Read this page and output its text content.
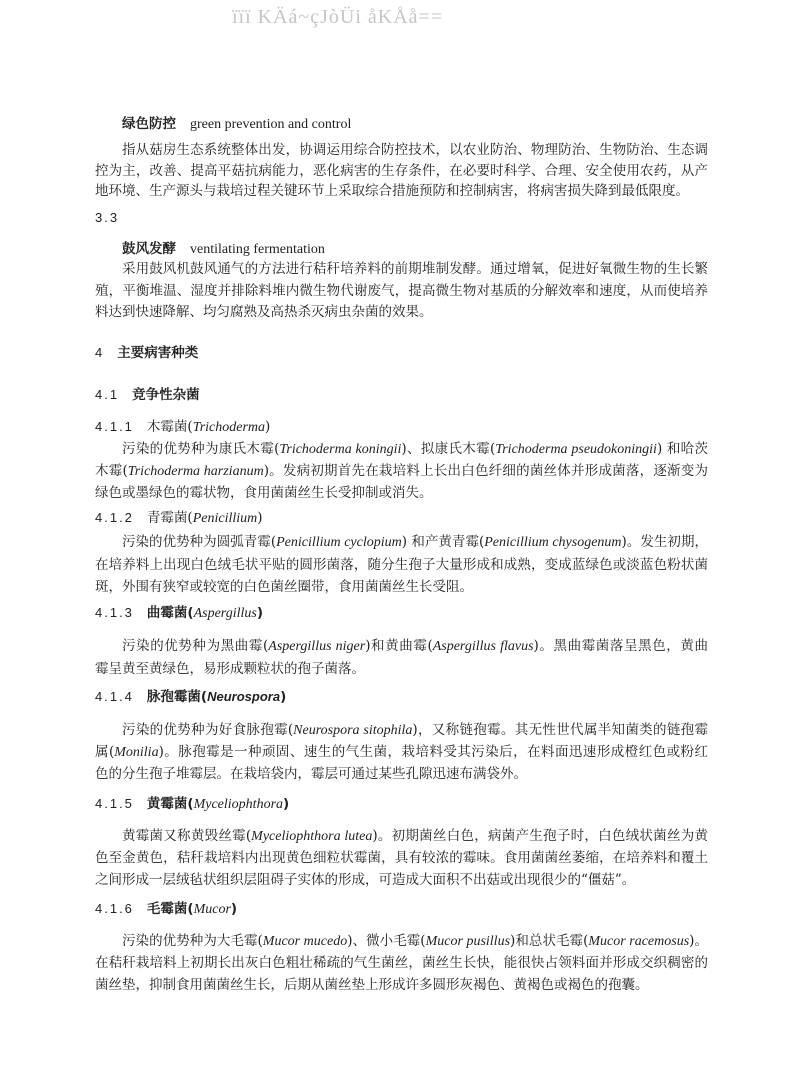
ïïï KÄá~çJòÜi åKÅå==
绿色防控 green prevention and control
指从菇房生态系统整体出发，协调运用综合防控技术，以农业防治、物理防治、生物防治、生态调
控为主，改善、提高平菇抗病能力，恶化病害的生存条件，在必要时科学、合理、安全使用农药，从产
地环境、生产源头与栽培过程关键环节上采取综合措施预防和控制病害，将病害损失降到最低限度。
3.3
鼓风发酵 ventilating fermentation
采用鼓风机鼓风通气的方法进行秸秆培养料的前期堆制发酵。通过增氧，促进好氧微生物的生长繁
殖，平衡堆温、湿度并排除料堆内微生物代谢废气，提高微生物对基质的分解效率和速度，从而使培养
料达到快速降解、均匀腐熟及高热杀灭病虫杂菌的效果。
4 主要病害种类
4.1 竞争性杂菌
4.1.1 木霉菌(Trichoderma)
污染的优势种为康氏木霉(Trichoderma koningii)、拟康氏木霉(Trichoderma pseudokoningii) 和哈茨
木霉(Trichoderma harzianum)。发病初期首先在栽培料上长出白色纤细的菌丝体并形成菌落，逐渐变为
绿色或墨绿色的霉状物，食用菌菌丝生长受抑制或消失。
4.1.2 青霉菌(Penicillium)
污染的优势种为圆弧青霉(Penicillium cyclopium) 和产黄青霉(Penicillium chysogenum)。发生初期，
在培养料上出现白色绒毛状平贴的圆形菌落，随分生孢子大量形成和成熟，变成蓝绿色或淡蓝色粉状菌
斑，外围有狭窄或较宽的白色菌丝圈带，食用菌菌丝生长受阻。
4.1.3 曲霉菌(Aspergillus)
污染的优势种为黑曲霉(Aspergillus niger)和黄曲霉(Aspergillus flavus)。黑曲霉菌落呈黑色，黄曲
霉呈黄至黄绿色，易形成颗粒状的孢子菌落。
4.1.4 脉孢霉菌(Neurospora)
污染的优势种为好食脉孢霉(Neurospora sitophila)，又称链孢霉。其无性世代属半知菌类的链孢霉
属(Monilia)。脉孢霉是一种顽固、速生的气生菌，栽培料受其污染后，在料面迅速形成橙红色或粉红
色的分生孢子堆霉层。在栽培袋内，霉层可通过某些孔隙迅速布满袋外。
4.1.5 黄霉菌(Myceliophthora)
黄霉菌又称黄毁丝霉(Myceliophthora lutea)。初期菌丝白色，病菌产生孢子时，白色绒状菌丝为黄
色至金黄色，秸秆栽培料内出现黄色细粒状霉菌，具有较浓的霉味。食用菌菌丝萎缩，在培养料和覆土
之间形成一层绒毡状组织层阻碍子实体的形成，可造成大面积不出菇或出现很少的“僵菇”。
4.1.6 毛霉菌(Mucor)
污染的优势种为大毛霉(Mucor mucedo)、微小毛霉(Mucor pusillus)和总状毛霉(Mucor racemosus)。
在秸秆栽培料上初期长出灰白色粗壮稀疏的气生菌丝，菌丝生长快，能很快占领料面并形成交织稠密的
菌丝垫，抑制食用菌菌丝生长，后期从菌丝垫上形成许多圆形灰褐色、黄褐色或褐色的孢囊。
